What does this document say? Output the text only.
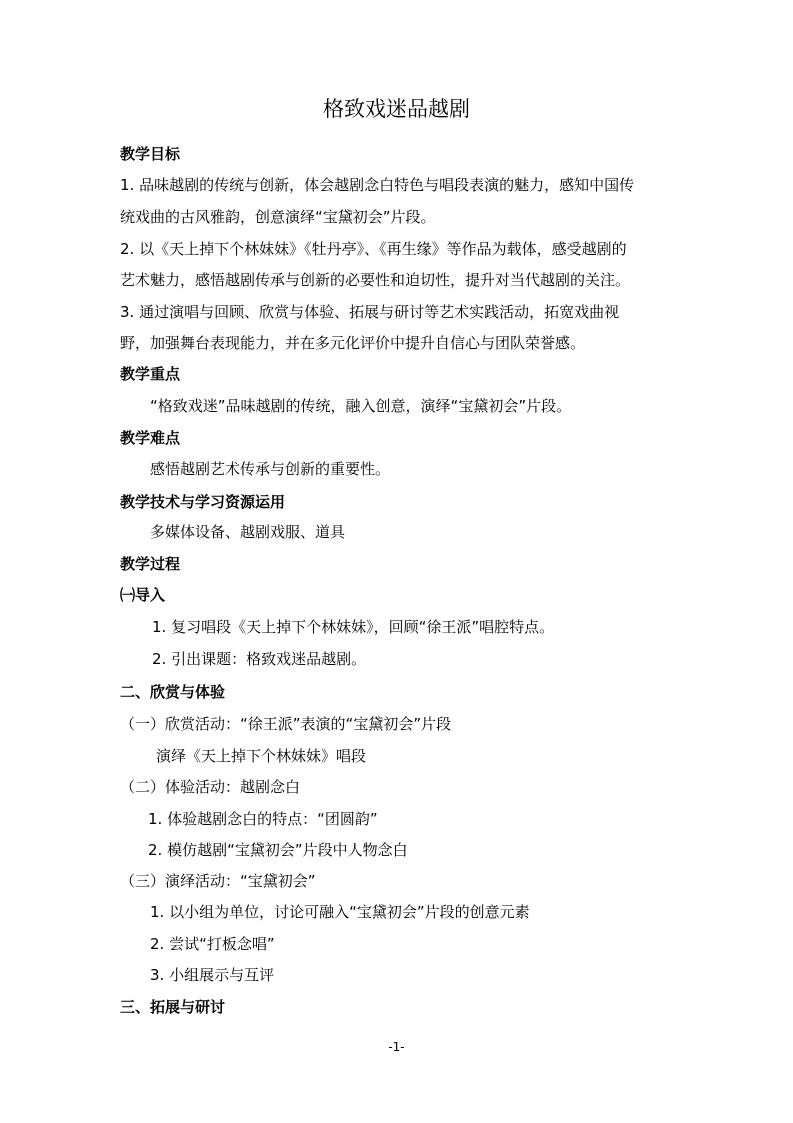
格致戏迷品越剧
教学目标
1. 品味越剧的传统与创新，体会越剧念白特色与唱段表演的魅力，感知中国传
统戏曲的古风雅韵，创意演绎“宝黛初会”片段。
2. 以《天上掉下个林妹妹》《牡丹亭》、《再生缘》等作品为载体，感受越剧的
艺术魅力，感悟越剧传承与创新的必要性和迫切性，提升对当代越剧的关注。
3. 通过演唱与回顾、欣赏与体验、拓展与研讨等艺术实践活动，拓宽戏曲视
野，加强舞台表现能力，并在多元化评价中提升自信心与团队荣誉感。
教学重点
“格致戏迷”品味越剧的传统，融入创意，演绎“宝黛初会”片段。
教学难点
感悟越剧艺术传承与创新的重要性。
教学技术与学习资源运用
多媒体设备、越剧戏服、道具
教学过程
㈠导入
1. 复习唱段《天上掉下个林妹妹》，回顾“徐王派”唱腔特点。
2. 引出课题：格致戏迷品越剧。
二、欣赏与体验
（一）欣赏活动：“徐王派”表演的“宝黛初会”片段
演绎《天上掉下个林妹妹》唱段
（二）体验活动：越剧念白
1. 体验越剧念白的特点：“团圆韵”
2. 模仿越剧“宝黛初会”片段中人物念白
（三）演绎活动：“宝黛初会”
1. 以小组为单位，讨论可融入“宝黛初会”片段的创意元素
2. 尝试“打板念唱”
3. 小组展示与互评
三、拓展与研讨
-1-
